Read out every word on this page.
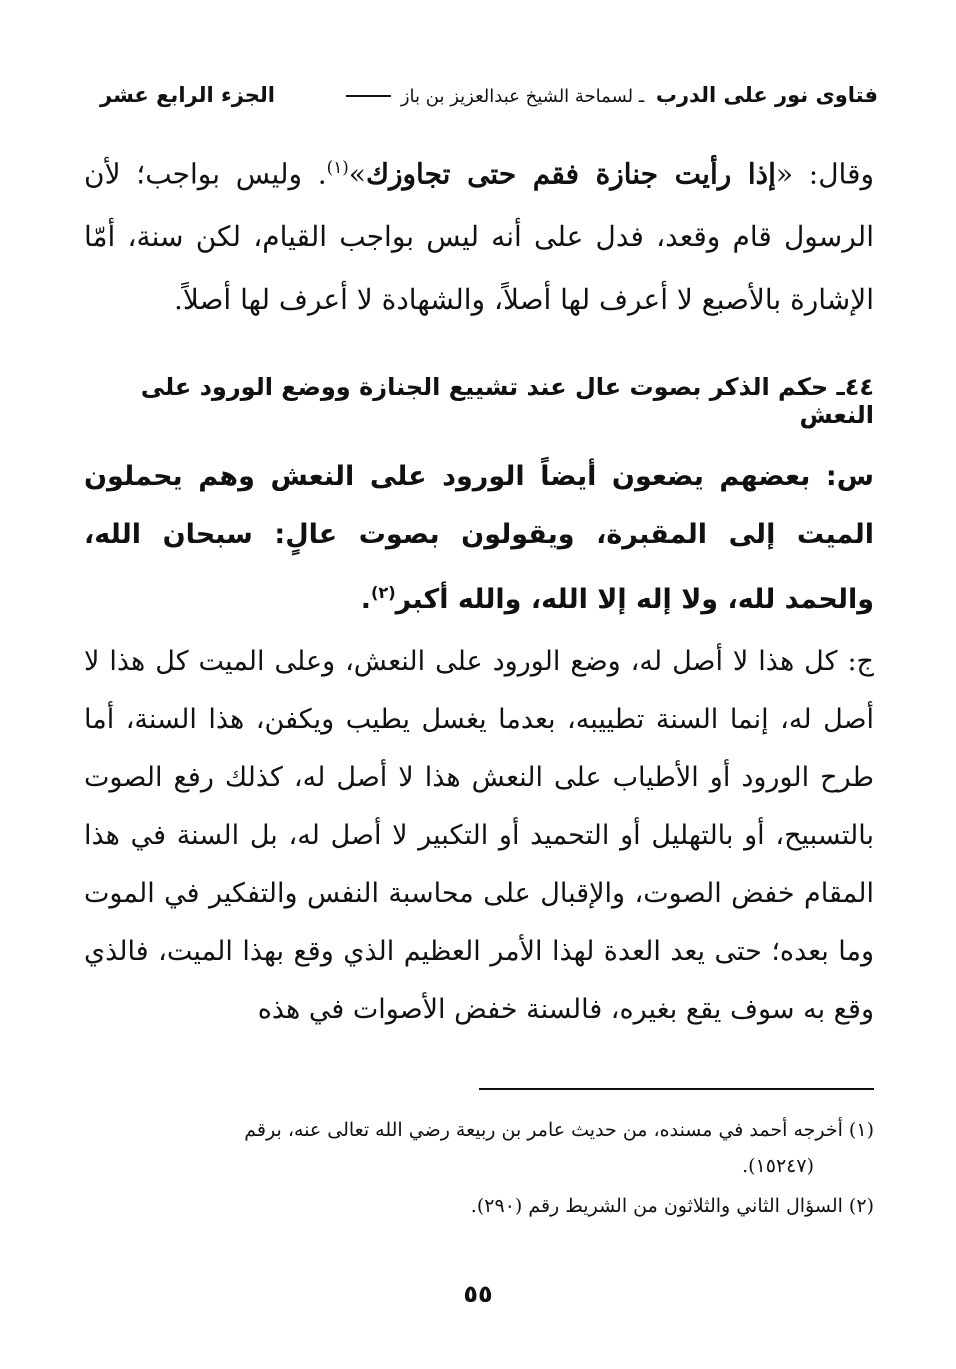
فتاوى نور على الدرب ـ لسماحة الشيخ عبدالعزيز بن باز
الجزء الرابع عشر
وقال: «إذا رأيت جنازة فقم حتى تجاوزك»$^{(١)}$. وليس بواجب؛ لأن الرسول قام وقعد، فدل على أنه ليس بواجب القيام، لكن سنة، أمّا الإشارة بالأصبع لا أعرف لها أصلاً، والشهادة لا أعرف لها أصلاً.
٤٤ـ حكم الذكر بصوت عال عند تشييع الجنازة ووضع الورود على النعش
س: بعضهم يضعون أيضاً الورود على النعش وهم يحملون الميت إلى المقبرة، ويقولون بصوت عالٍ: سبحان الله، والحمد لله، ولا إله إلا الله، والله أكبر$^{(٢)}$.
ج: كل هذا لا أصل له، وضع الورود على النعش، وعلى الميت كل هذا لا أصل له، إنما السنة تطييبه، بعدما يغسل يطيب ويكفن، هذا السنة، أما طرح الورود أو الأطياب على النعش هذا لا أصل له، كذلك رفع الصوت بالتسبيح، أو بالتهليل أو التحميد أو التكبير لا أصل له، بل السنة في هذا المقام خفض الصوت، والإقبال على محاسبة النفس والتفكير في الموت وما بعده؛ حتى يعد العدة لهذا الأمر العظيم الذي وقع بهذا الميت، فالذي وقع به سوف يقع بغيره، فالسنة خفض الأصوات في هذه

(١) أخرجه أحمد في مسنده، من حديث عامر بن ربيعة رضي الله تعالى عنه، برقم
(١٥٢٤٧).

(٢) السؤال الثاني والثلاثون من الشريط رقم (٢٩٠).

٥٥
